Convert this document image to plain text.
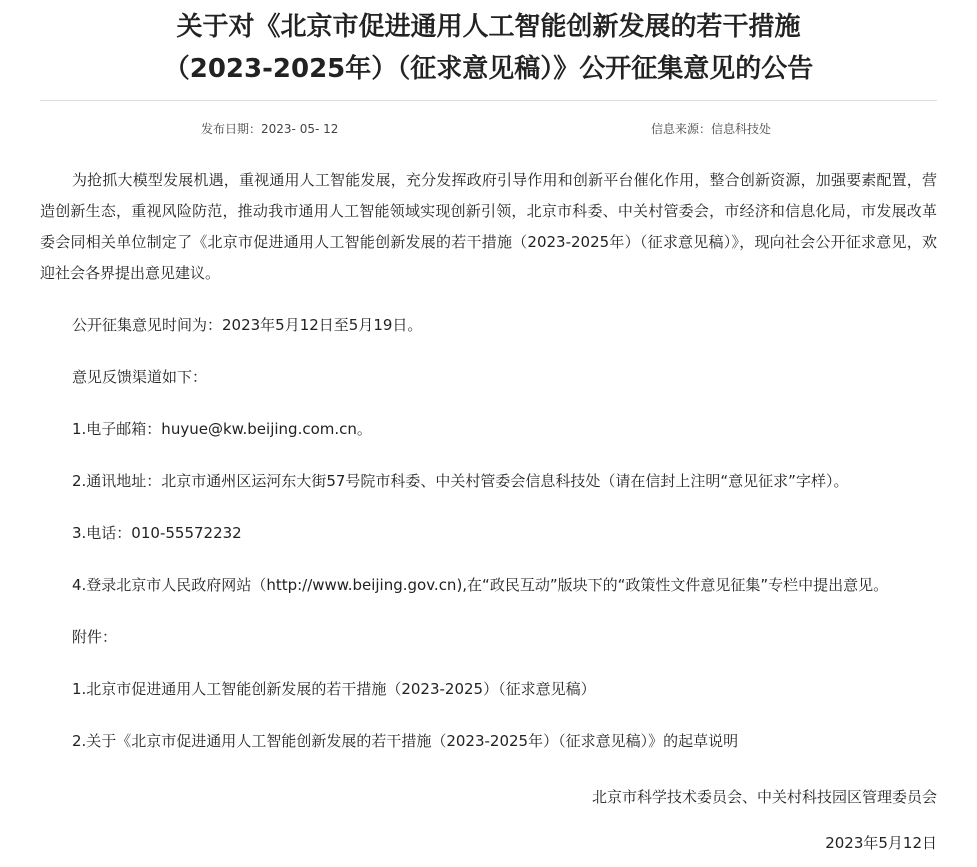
关于对《北京市促进通用人工智能创新发展的若干措施
（2023-2025年）（征求意见稿）》公开征集意见的公告
发布日期：2023- 05- 12	信息来源：信息科技处

为抢抓大模型发展机遇，重视通用人工智能发展，充分发挥政府引导作用和创新平台催化作用，整合创新资源，加强要素配置，营造创新生态，重视风险防范，推动我市通用人工智能领域实现创新引领，北京市科委、中关村管委会，市经济和信息化局，市发展改革委会同相关单位制定了《北京市促进通用人工智能创新发展的若干措施（2023-2025年）（征求意见稿）》，现向社会公开征求意见，欢迎社会各界提出意见建议。

公开征集意见时间为：2023年5月12日至5月19日。

意见反馈渠道如下：

1.电子邮箱：huyue@kw.beijing.com.cn。

2.通讯地址：北京市通州区运河东大街57号院市科委、中关村管委会信息科技处（请在信封上注明“意见征求”字样）。

3.电话：010-55572232

4.登录北京市人民政府网站（http://www.beijing.gov.cn),在“政民互动”版块下的“政策性文件意见征集”专栏中提出意见。

附件：

1.北京市促进通用人工智能创新发展的若干措施（2023-2025）（征求意见稿）

2.关于《北京市促进通用人工智能创新发展的若干措施（2023-2025年）（征求意见稿）》的起草说明

北京市科学技术委员会、中关村科技园区管理委员会
2023年5月12日
